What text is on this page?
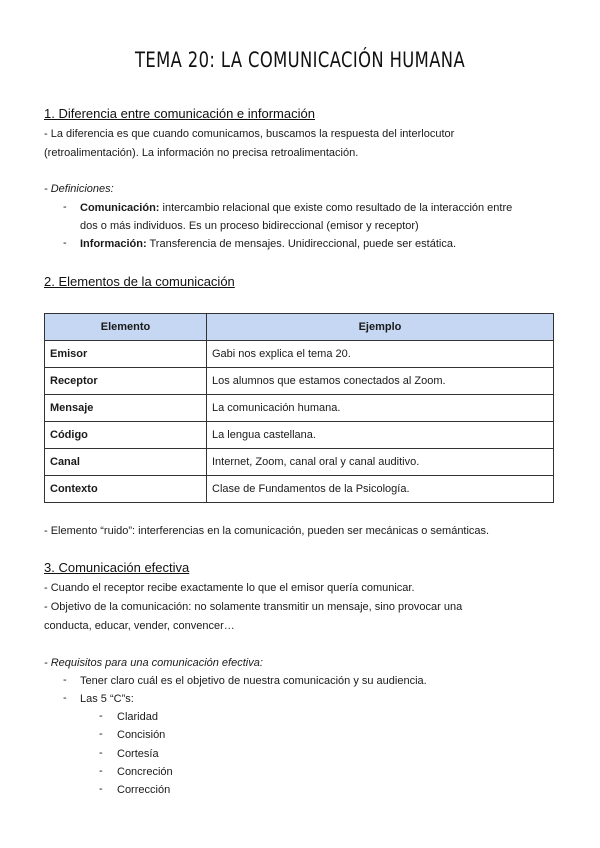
TEMA 20: LA COMUNICACIÓN HUMANA
1. Diferencia entre comunicación e información
- La diferencia es que cuando comunicamos, buscamos la respuesta del interlocutor
(retroalimentación). La información no precisa retroalimentación.
- Definiciones:
- Comunicación: intercambio relacional que existe como resultado de la interacción entre
dos o más individuos. Es un proceso bidireccional (emisor y receptor)
- Información: Transferencia de mensajes. Unidireccional, puede ser estática.
2. Elementos de la comunicación
Elemento	Ejemplo
Emisor	Gabi nos explica el tema 20.
Receptor	Los alumnos que estamos conectados al Zoom.
Mensaje	La comunicación humana.
Código	La lengua castellana.
Canal	Internet, Zoom, canal oral y canal auditivo.
Contexto	Clase de Fundamentos de la Psicología.
- Elemento “ruido”: interferencias en la comunicación, pueden ser mecánicas o semánticas.
3. Comunicación efectiva
- Cuando el receptor recibe exactamente lo que el emisor quería comunicar.
- Objetivo de la comunicación: no solamente transmitir un mensaje, sino provocar una
conducta, educar, vender, convencer…
- Requisitos para una comunicación efectiva:
- Tener claro cuál es el objetivo de nuestra comunicación y su audiencia.
- Las 5 “C”s:
- Claridad
- Concisión
- Cortesía
- Concreción
- Corrección
